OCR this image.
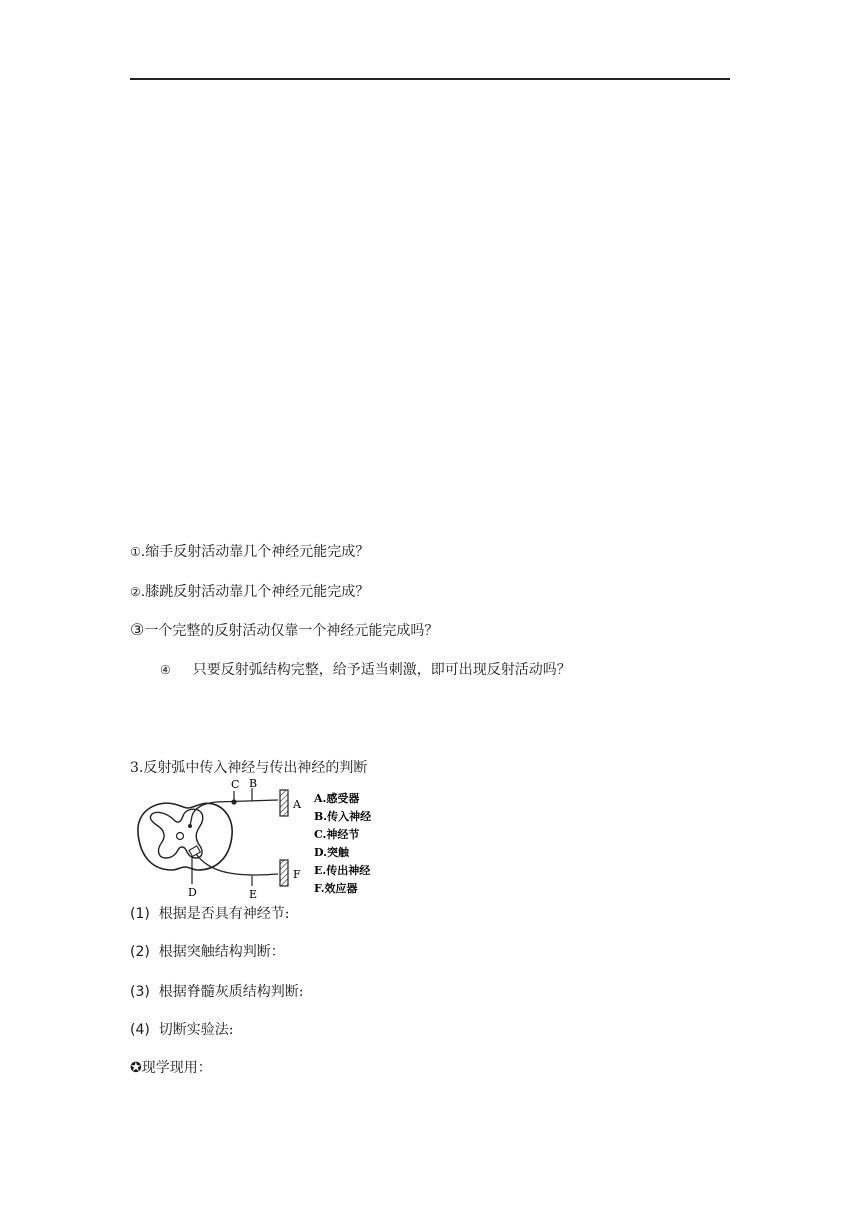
①.缩手反射活动靠几个神经元能完成？
②.膝跳反射活动靠几个神经元能完成？
③一个完整的反射活动仅靠一个神经元能完成吗？
④ 只要反射弧结构完整，给予适当刺激，即可出现反射活动吗？
3.反射弧中传入神经与传出神经的判断
C B
A
D	E
F
A.感受器
B.传入神经
C.神经节
D.突触
E.传出神经
F.效应器
(1) 根据是否具有神经节:
(2) 根据突触结构判断：
(3) 根据脊髓灰质结构判断:
(4) 切断实验法:
✪现学现用：
